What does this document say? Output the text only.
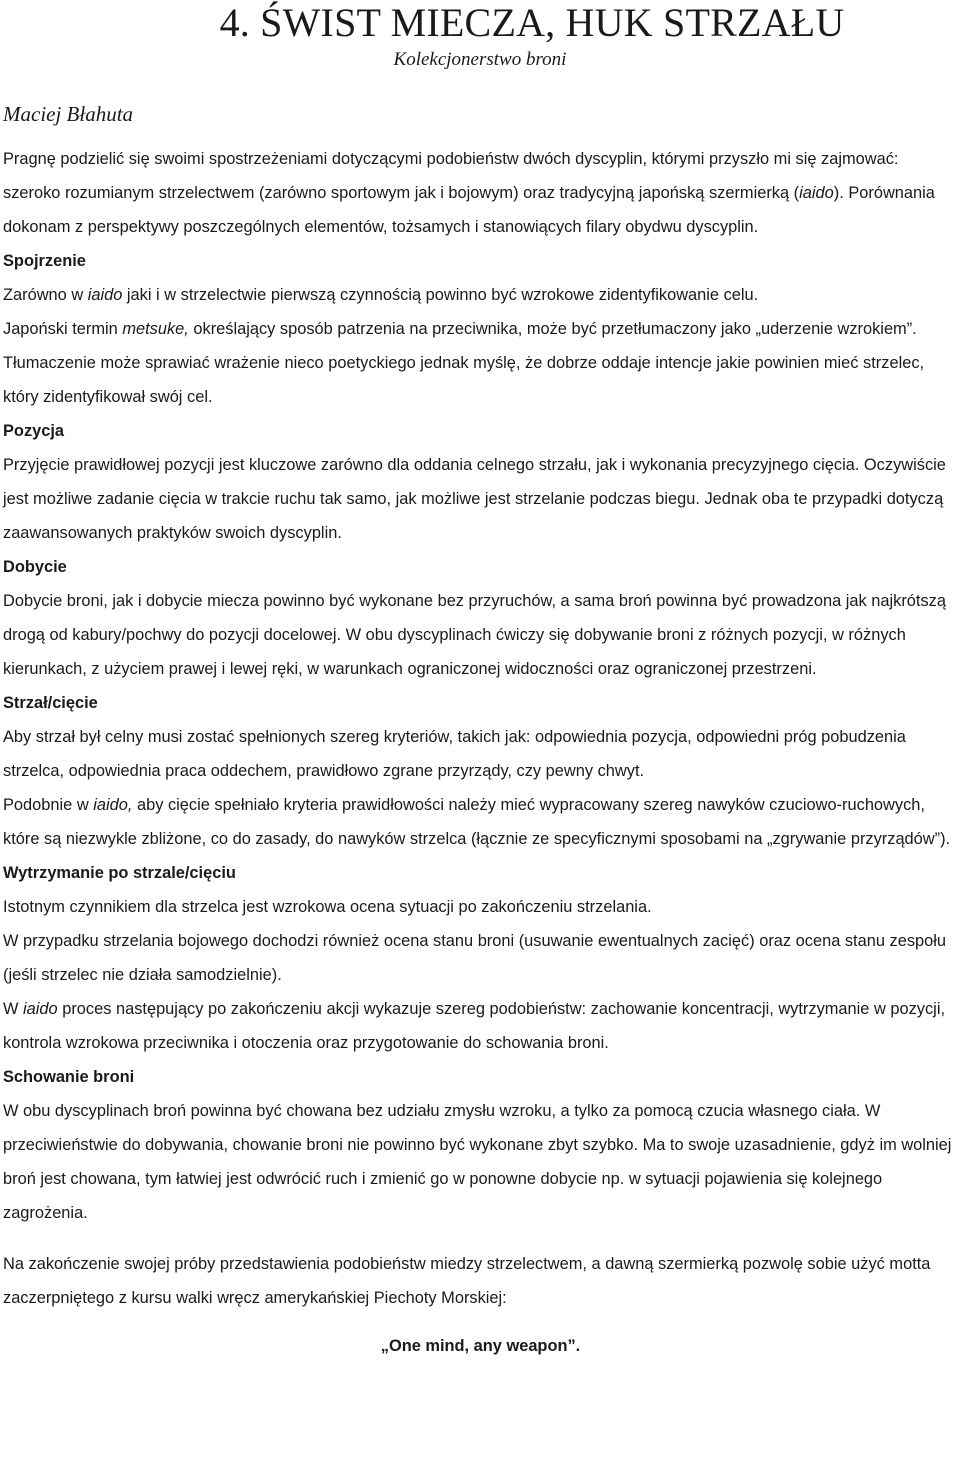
4. ŚWIST MIECZA, HUK STRZAŁU
Kolekcjonerstwo broni
Maciej Błahuta

Pragnę podzielić się swoimi spostrzeżeniami dotyczącymi podobieństw dwóch dyscyplin, którymi przyszło mi się zajmować: szeroko rozumianym strzelectwem (zarówno sportowym jak i bojowym) oraz tradycyjną japońską szermierką (iaido). Porównania dokonam z perspektywy poszczególnych elementów, tożsamych i stanowiących filary obydwu dyscyplin.

Spojrzenie

Zarówno w iaido jaki i w strzelectwie pierwszą czynnością powinno być wzrokowe zidentyfikowanie celu.

Japoński termin metsuke, określający sposób patrzenia na przeciwnika, może być przetłumaczony jako „uderzenie wzrokiem”. Tłumaczenie może sprawiać wrażenie nieco poetyckiego jednak myślę, że dobrze oddaje intencje jakie powinien mieć strzelec, który zidentyfikował swój cel.

Pozycja

Przyjęcie prawidłowej pozycji jest kluczowe zarówno dla oddania celnego strzału, jak i wykonania precyzyjnego cięcia. Oczywiście jest możliwe zadanie cięcia w trakcie ruchu tak samo, jak możliwe jest strzelanie podczas biegu. Jednak oba te przypadki dotyczą zaawansowanych praktyków swoich dyscyplin.

Dobycie

Dobycie broni, jak i dobycie miecza powinno być wykonane bez przyruchów, a sama broń powinna być prowadzona jak najkrótszą drogą od kabury/pochwy do pozycji docelowej. W obu dyscyplinach ćwiczy się dobywanie broni z różnych pozycji, w różnych kierunkach, z użyciem prawej i lewej ręki, w warunkach ograniczonej widoczności oraz ograniczonej przestrzeni.

Strzał/cięcie

Aby strzał był celny musi zostać spełnionych szereg kryteriów, takich jak: odpowiednia pozycja, odpowiedni próg pobudzenia strzelca, odpowiednia praca oddechem, prawidłowo zgrane przyrządy, czy pewny chwyt.

Podobnie w iaido, aby cięcie spełniało kryteria prawidłowości należy mieć wypracowany szereg nawyków czuciowo-ruchowych, które są niezwykle zbliżone, co do zasady, do nawyków strzelca (łącznie ze specyficznymi sposobami na „zgrywanie przyrządów”).

Wytrzymanie po strzale/cięciu

Istotnym czynnikiem dla strzelca jest wzrokowa ocena sytuacji po zakończeniu strzelania.

W przypadku strzelania bojowego dochodzi również ocena stanu broni (usuwanie ewentualnych zacięć) oraz ocena stanu zespołu (jeśli strzelec nie działa samodzielnie).

W iaido proces następujący po zakończeniu akcji wykazuje szereg podobieństw: zachowanie koncentracji, wytrzymanie w pozycji, kontrola wzrokowa przeciwnika i otoczenia oraz przygotowanie do schowania broni.

Schowanie broni

W obu dyscyplinach broń powinna być chowana bez udziału zmysłu wzroku, a tylko za pomocą czucia własnego ciała. W przeciwieństwie do dobywania, chowanie broni nie powinno być wykonane zbyt szybko. Ma to swoje uzasadnienie, gdyż im wolniej broń jest chowana, tym łatwiej jest odwrócić ruch i zmienić go w ponowne dobycie np. w sytuacji pojawienia się kolejnego zagrożenia.

Na zakończenie swojej próby przedstawienia podobieństw miedzy strzelectwem, a dawną szermierką pozwolę sobie użyć motta zaczerpniętego z kursu walki wręcz amerykańskiej Piechoty Morskiej:

„One mind, any weapon”.
